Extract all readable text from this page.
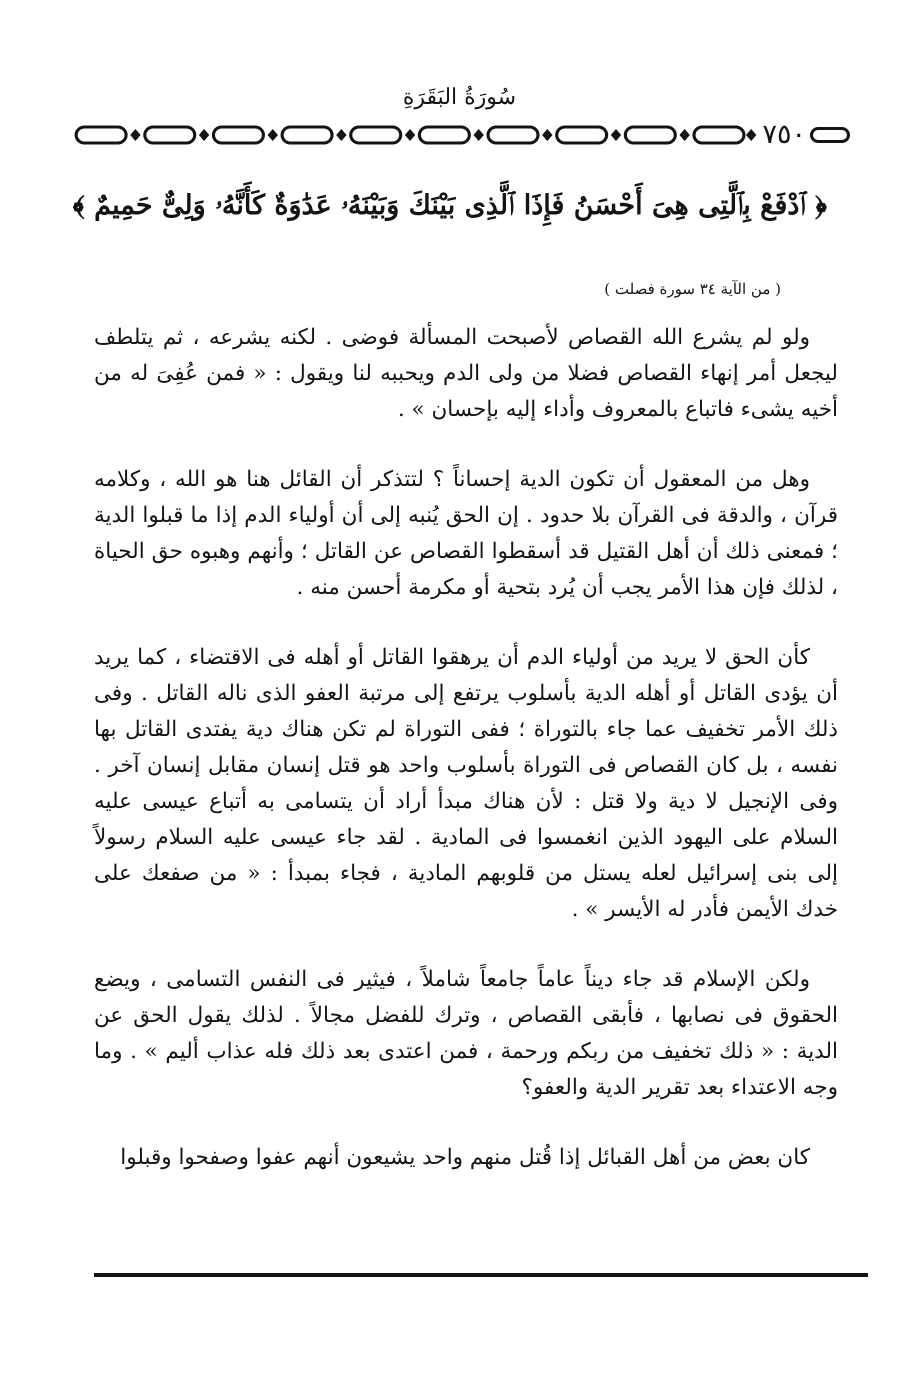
سُورَةُ البَقَرَةِ
٧٥٠
﴿ ٱدْفَعْ بِٱلَّتِى هِىَ أَحْسَنُ فَإِذَا ٱلَّذِى بَيْنَكَ وَبَيْنَهُۥ عَدَٰوَةٌ كَأَنَّهُۥ وَلِىٌّ حَمِيمٌ ﴾
( من الآية ٣٤ سورة فصلت )

ولو لم يشرع الله القصاص لأصبحت المسألة فوضى . لكنه يشرعه ، ثم يتلطف ليجعل أمر إنهاء القصاص فضلا من ولى الدم ويحببه لنا ويقول : « فمن عُفِىَ له من أخيه يشىء فاتباع بالمعروف وأداء إليه بإحسان » .

وهل من المعقول أن تكون الدية إحساناً ؟ لتتذكر أن القائل هنا هو الله ، وكلامه قرآن ، والدقة فى القرآن بلا حدود . إن الحق يُنبه إلى أن أولياء الدم إذا ما قبلوا الدية ؛ فمعنى ذلك أن أهل القتيل قد أسقطوا القصاص عن القاتل ؛ وأنهم وهبوه حق الحياة ، لذلك فإن هذا الأمر يجب أن يُرد بتحية أو مكرمة أحسن منه .

كأن الحق لا يريد من أولياء الدم أن يرهقوا القاتل أو أهله فى الاقتضاء ، كما يريد أن يؤدى القاتل أو أهله الدية بأسلوب يرتفع إلى مرتبة العفو الذى ناله القاتل . وفى ذلك الأمر تخفيف عما جاء بالتوراة ؛ ففى التوراة لم تكن هناك دية يفتدى القاتل بها نفسه ، بل كان القصاص فى التوراة بأسلوب واحد هو قتل إنسان مقابل إنسان آخر . وفى الإنجيل لا دية ولا قتل : لأن هناك مبدأ أراد أن يتسامى به أتباع عيسى عليه السلام على اليهود الذين انغمسوا فى المادية . لقد جاء عيسى عليه السلام رسولاً إلى بنى إسرائيل لعله يستل من قلوبهم المادية ، فجاء بمبدأ : « من صفعك على خدك الأيمن فأدر له الأيسر » .

ولكن الإسلام قد جاء ديناً عاماً جامعاً شاملاً ، فيثير فى النفس التسامى ، ويضع الحقوق فى نصابها ، فأبقى القصاص ، وترك للفضل مجالاً . لذلك يقول الحق عن الدية : « ذلك تخفيف من ربكم ورحمة ، فمن اعتدى بعد ذلك فله عذاب أليم » . وما وجه الاعتداء بعد تقرير الدية والعفو؟

كان بعض من أهل القبائل إذا قُتل منهم واحد يشيعون أنهم عفوا وصفحوا وقبلوا
